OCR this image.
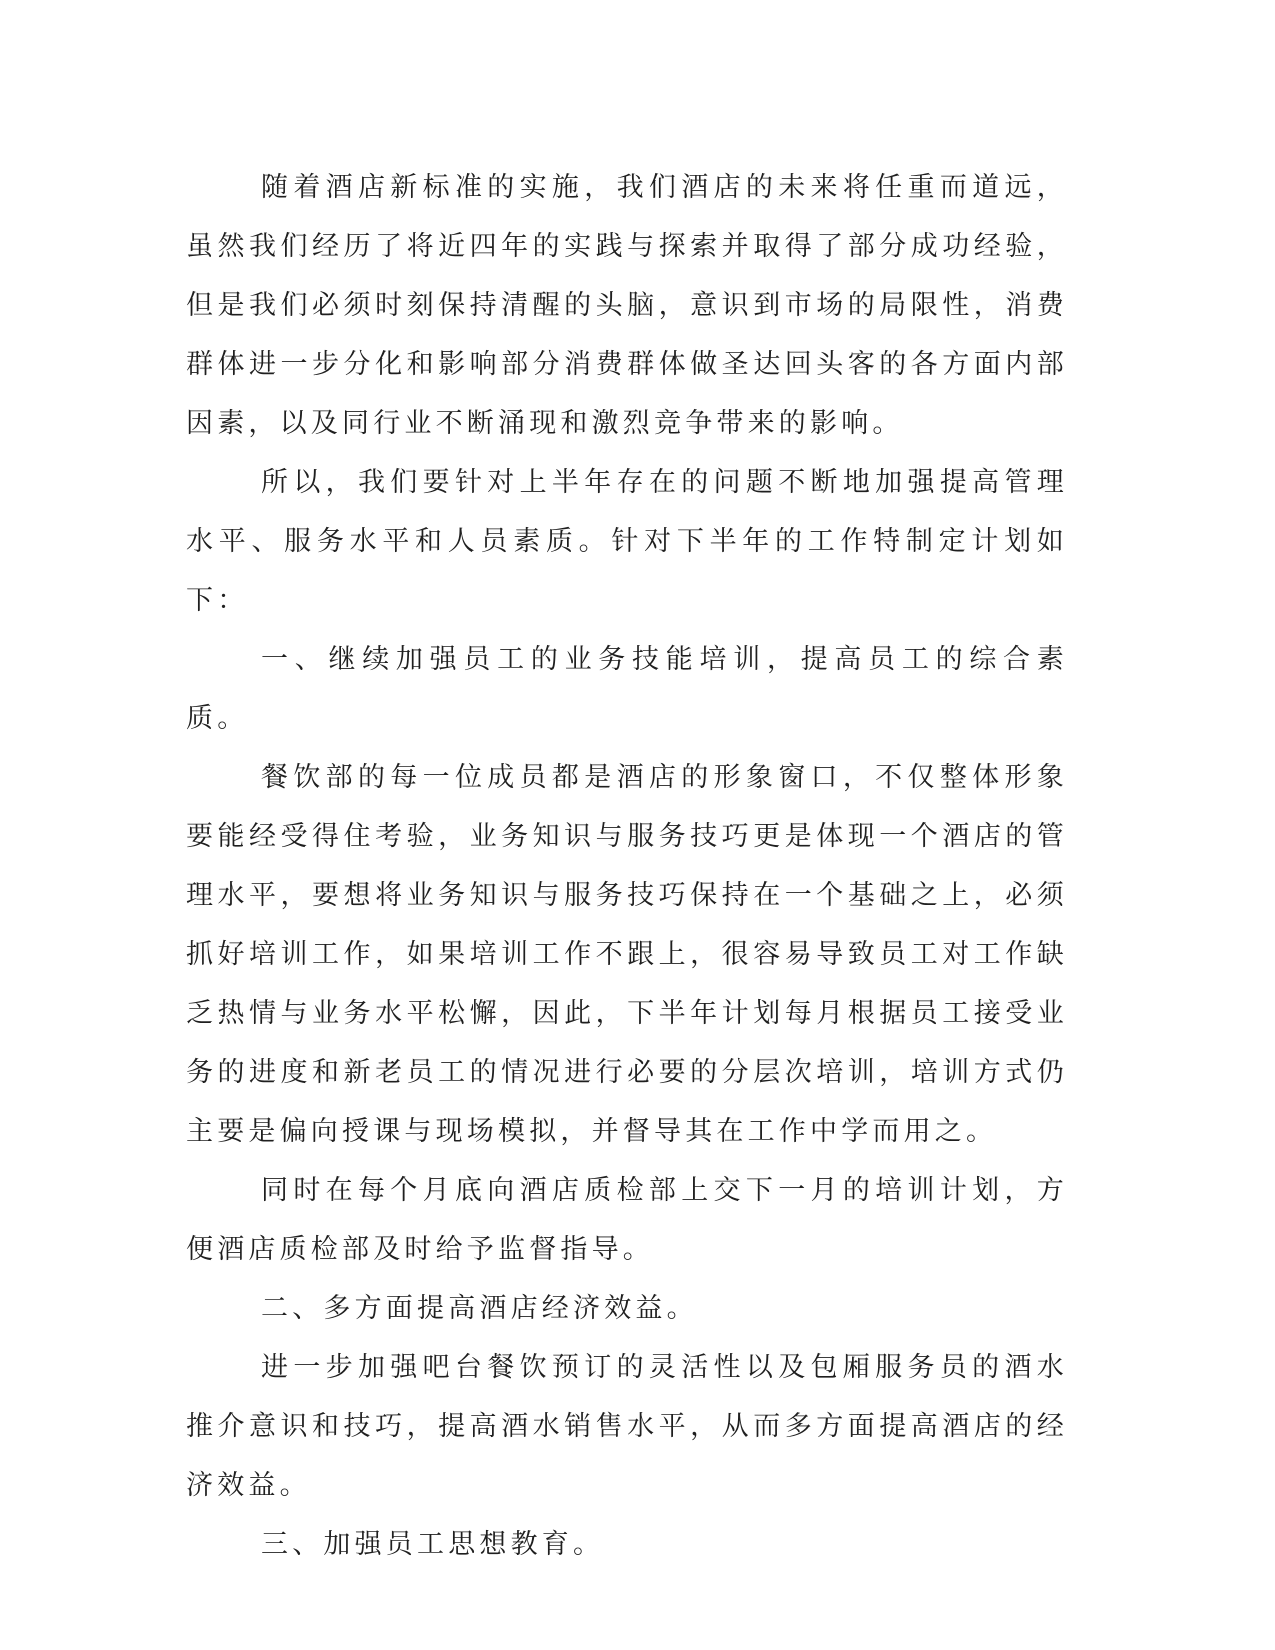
随着酒店新标准的实施，我们酒店的未来将任重而道远，虽然我们经历了将近四年的实践与探索并取得了部分成功经验，但是我们必须时刻保持清醒的头脑，意识到市场的局限性，消费群体进一步分化和影响部分消费群体做圣达回头客的各方面内部因素，以及同行业不断涌现和激烈竞争带来的影响。

所以，我们要针对上半年存在的问题不断地加强提高管理水平、服务水平和人员素质。针对下半年的工作特制定计划如下：

一、继续加强员工的业务技能培训，提高员工的综合素质。

餐饮部的每一位成员都是酒店的形象窗口，不仅整体形象要能经受得住考验，业务知识与服务技巧更是体现一个酒店的管理水平，要想将业务知识与服务技巧保持在一个基础之上，必须抓好培训工作，如果培训工作不跟上，很容易导致员工对工作缺乏热情与业务水平松懈，因此，下半年计划每月根据员工接受业务的进度和新老员工的情况进行必要的分层次培训，培训方式仍主要是偏向授课与现场模拟，并督导其在工作中学而用之。

同时在每个月底向酒店质检部上交下一月的培训计划，方便酒店质检部及时给予监督指导。

二、多方面提高酒店经济效益。

进一步加强吧台餐饮预订的灵活性以及包厢服务员的酒水推介意识和技巧，提高酒水销售水平，从而多方面提高酒店的经济效益。

三、加强员工思想教育。
